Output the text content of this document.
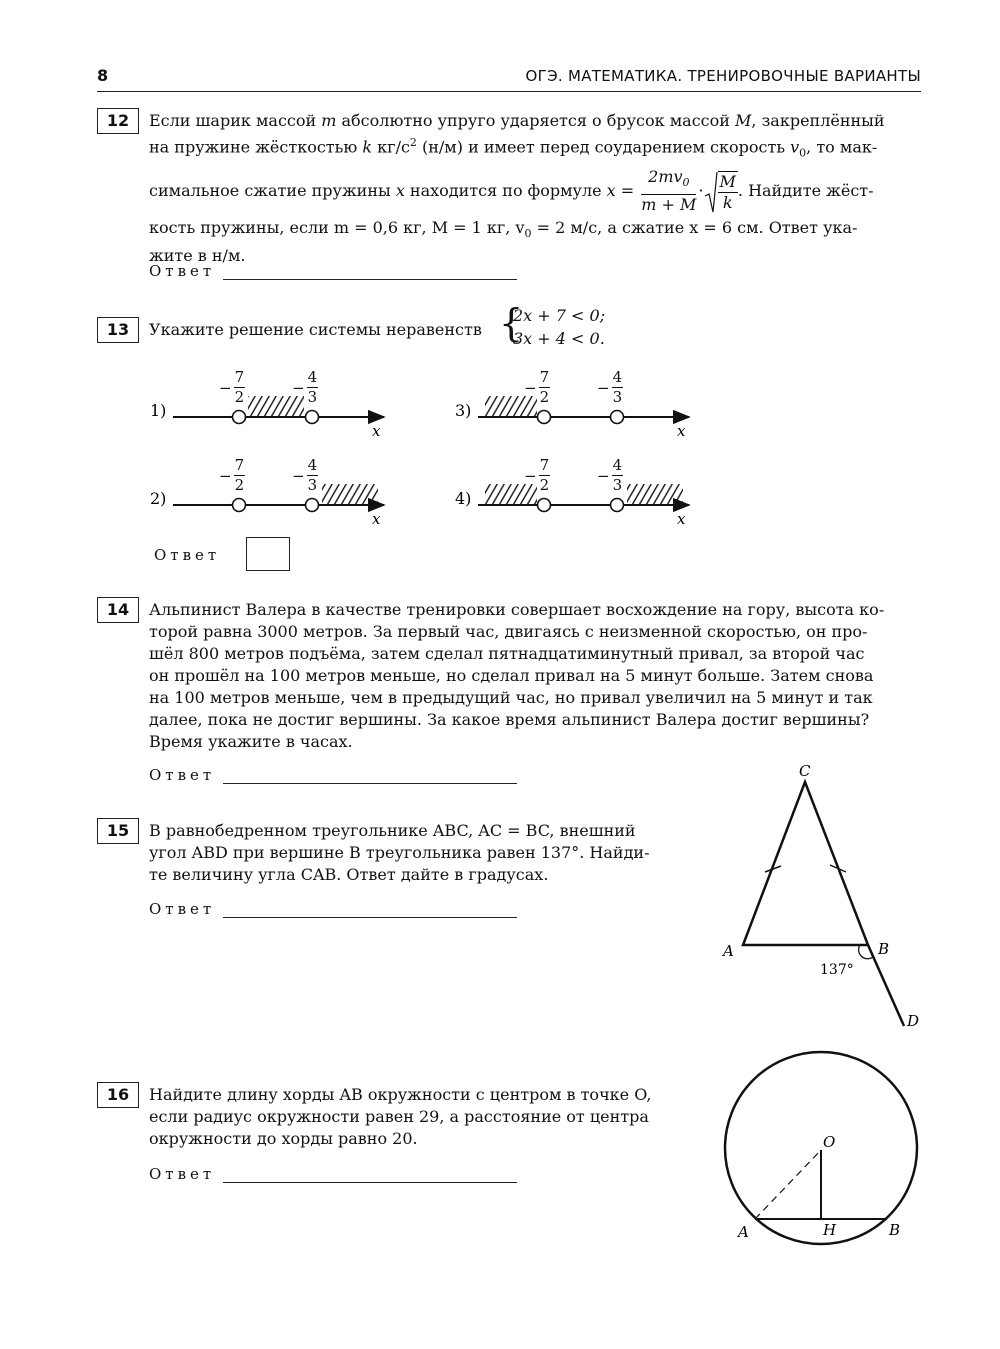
8	ОГЭ. МАТЕМАТИКА. ТРЕНИРОВОЧНЫЕ ВАРИАНТЫ
12	Если шарик массой m абсолютно упруго ударяется о брусок массой M, закреплённый
на пружине жёсткостью k $кг/с^2$ (н/м) и имеет перед соударением скорость $v_0$, то мак-
симальное сжатие пружины x находится по формуле $x = \frac{2mv_0}{m + M} \cdot \frac{M}{k}$ . Найдите жёст-
кость пружины, если m = 0,6 кг, M = 1 кг, $v_0 = 2$ м/с, а сжатие x = 6 см. Ответ ука-
жите в н/м.
Ответ
13	Укажите решение системы неравенств {
2x + 7 < 0;
3x + 4 < 0.
1)
x
2)
x
3)
x
4)
x
− $\frac{7}{2}$	− $\frac{4}{3}$
− $\frac{7}{2}$	− $\frac{4}{3}$
− $\frac{7}{2}$	− $\frac{4}{3}$
− $\frac{7}{2}$	− $\frac{4}{3}$
Ответ
14	Альпинист Валера в качестве тренировки совершает восхождение на гору, высота ко-
торой равна 3000 метров. За первый час, двигаясь с неизменной скоростью, он про-
шёл 800 метров подъёма, затем сделал пятнадцатиминутный привал, за второй час
он прошёл на 100 метров меньше, но сделал привал на 5 минут больше. Затем снова
на 100 метров меньше, чем в предыдущий час, но привал увеличил на 5 минут и так
далее, пока не достиг вершины. За какое время альпинист Валера достиг вершины?
Время укажите в часах.
Ответ
15	В равнобедренном треугольнике ABC, AC = BC, внешний
угол ABD при вершине B треугольника равен 137°. Найди-
те величину угла CAB. Ответ дайте в градусах.
Ответ
C
A	B
D
137°
16	Найдите длину хорды AB окружности с центром в точке O,
если радиус окружности равен 29, а расстояние от центра
окружности до хорды равно 20.
Ответ
O
A	H	B
